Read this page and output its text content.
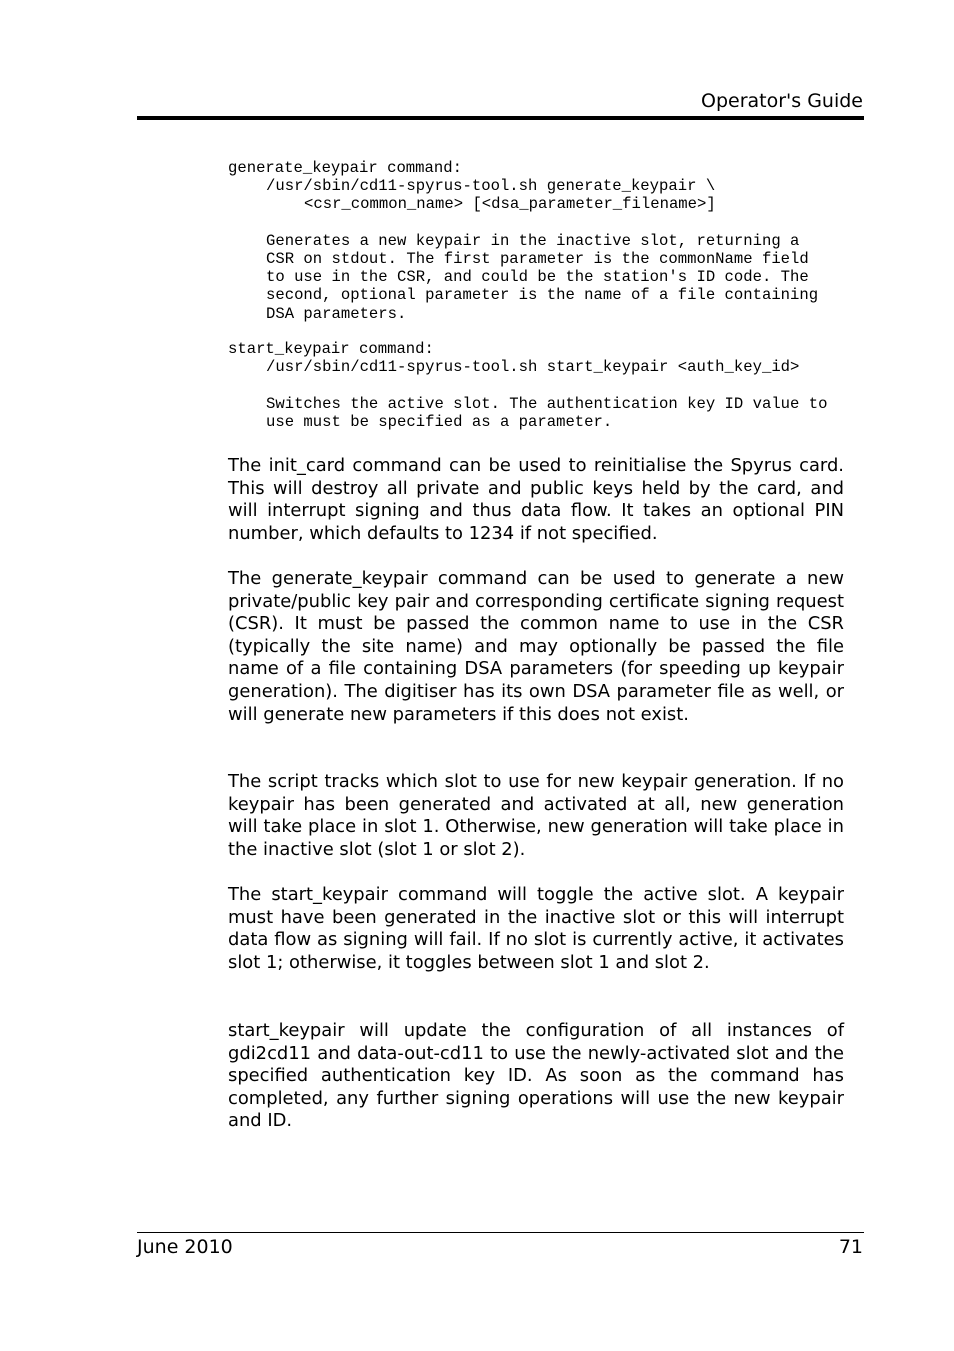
Operator's Guide
generate_keypair command:
/usr/sbin/cd11-spyrus-tool.sh generate_keypair \
<csr_common_name> [<dsa_parameter_filename>]
Generates a new keypair in the inactive slot, returning a
CSR on stdout. The first parameter is the commonName field
to use in the CSR, and could be the station's ID code. The
second, optional parameter is the name of a file containing
DSA parameters.
start_keypair command:
/usr/sbin/cd11-spyrus-tool.sh start_keypair <auth_key_id>
Switches the active slot. The authentication key ID value to
use must be specified as a parameter.

The init_card command can be used to reinitialise the Spyrus card. This will destroy all private and public keys held by the card, and will interrupt signing and thus data flow. It takes an optional PIN number, which defaults to 1234 if not specified.

The generate_keypair command can be used to generate a new private/public key pair and corresponding certificate signing request (CSR). It must be passed the common name to use in the CSR (typically the site name) and may optionally be passed the file name of a file containing DSA parameters (for speeding up keypair generation). The digitiser has its own DSA parameter file as well, or will generate new parameters if this does not exist.

The script tracks which slot to use for new keypair generation. If no keypair has been generated and activated at all, new generation will take place in slot 1. Otherwise, new generation will take place in the inactive slot (slot 1 or slot 2).

The start_keypair command will toggle the active slot. A keypair must have been generated in the inactive slot or this will interrupt data flow as signing will fail. If no slot is currently active, it activates slot 1; otherwise, it toggles between slot 1 and slot 2.

start_keypair will update the configuration of all instances of gdi2cd11 and data-out-cd11 to use the newly-activated slot and the specified authentication key ID. As soon as the command has completed, any further signing operations will use the new keypair and ID.

June 2010	71
